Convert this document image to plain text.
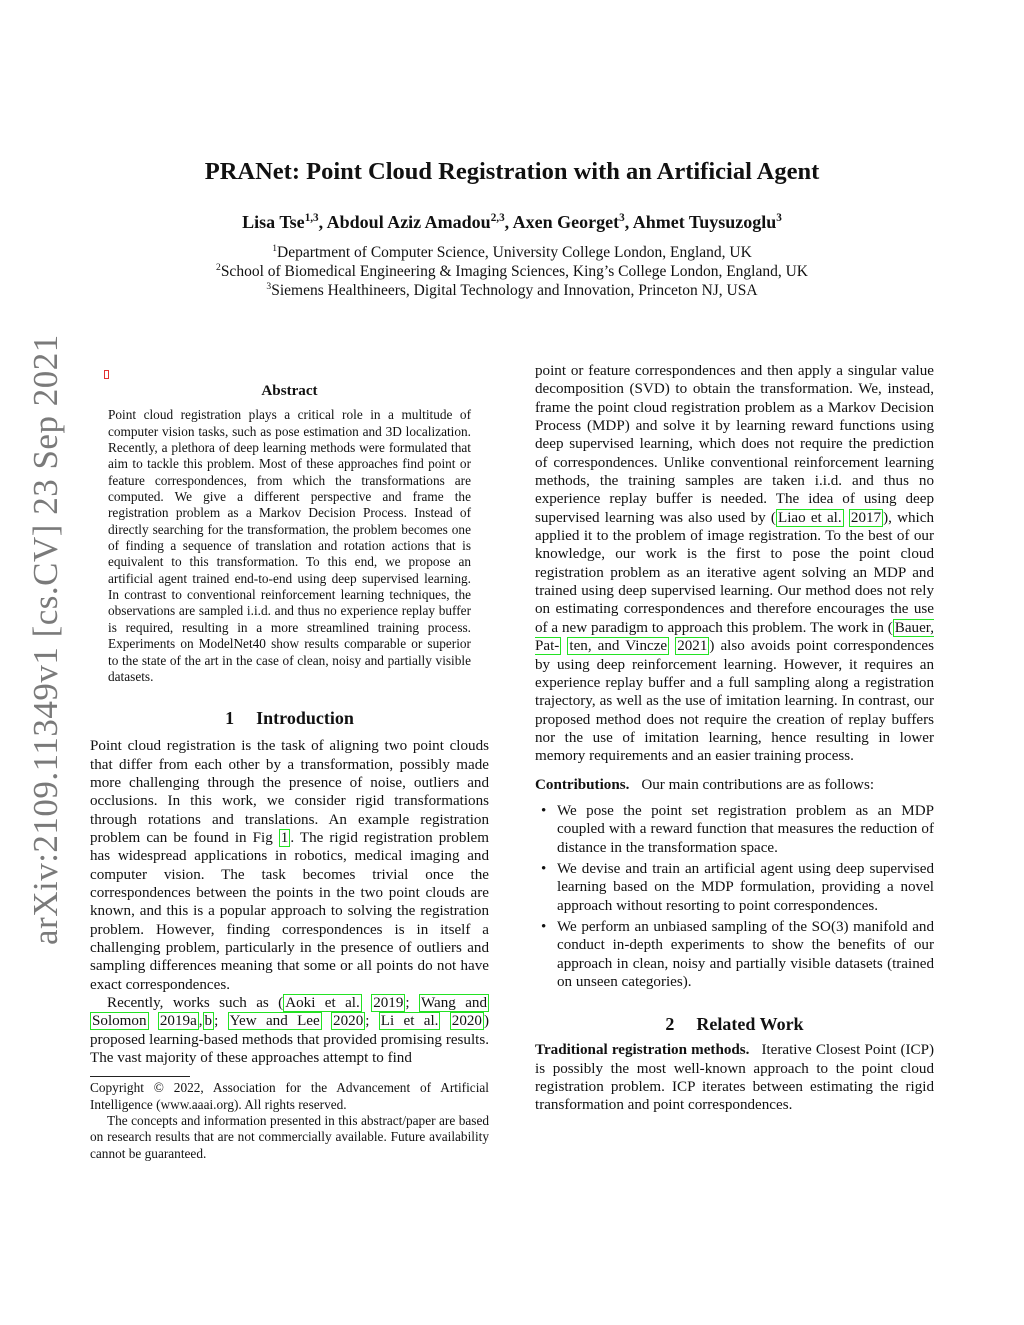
arXiv:2109.11349v1 [cs.CV] 23 Sep 2021
PRANet: Point Cloud Registration with an Artificial Agent
Lisa Tse$^{1,3}$, Abdoul Aziz Amadou$^{2,3}$, Axen Georget$^3$, Ahmet Tuysuzoglu$^3$
$^1$Department of Computer Science, University College London, England, UK
$^2$School of Biomedical Engineering & Imaging Sciences, King’s College London, England, UK
$^3$Siemens Healthineers, Digital Technology and Innovation, Princeton NJ, USA
Abstract

Point cloud registration plays a critical role in a multitude of computer vision tasks, such as pose estimation and 3D localization. Recently, a plethora of deep learning methods were formulated that aim to tackle this problem. Most of these approaches find point or feature correspondences, from which the transformations are computed. We give a different perspective and frame the registration problem as a Markov Decision Process. Instead of directly searching for the transformation, the problem becomes one of finding a sequence of translation and rotation actions that is equivalent to this transformation. To this end, we propose an artificial agent trained end-to-end using deep supervised learning. In contrast to conventional reinforcement learning techniques, the observations are sampled i.i.d. and thus no experience replay buffer is required, resulting in a more streamlined training process. Experiments on ModelNet40 show results comparable or superior to the state of the art in the case of clean, noisy and partially visible datasets.

1 Introduction

Point cloud registration is the task of aligning two point clouds that differ from each other by a transformation, possibly made more challenging through the presence of noise, outliers and occlusions. In this work, we consider rigid transformations through rotations and translations. An example registration problem can be found in Fig 1 . The rigid registration problem has widespread applications in robotics, medical imaging and computer vision. The task becomes trivial once the correspondences between the points in the two point clouds are known, and this is a popular approach to solving the registration problem. However, finding correspondences is in itself a challenging problem, particularly in the presence of outliers and sampling differences meaning that some or all points do not have exact correspondences.

Recently, works such as ( Aoki et al. 2019 ; Wang and Solomon 2019a , b ; Yew and Lee 2020 ; Li et al. 2020 ) proposed learning-based methods that provided promising results. The vast majority of these approaches attempt to find

Copyright © 2022, Association for the Advancement of Artificial Intelligence (www.aaai.org). All rights reserved.

The concepts and information presented in this abstract/paper are based on research results that are not commercially available. Future availability cannot be guaranteed.

point or feature correspondences and then apply a singular value decomposition (SVD) to obtain the transformation. We, instead, frame the point cloud registration problem as a Markov Decision Process (MDP) and solve it by learning reward functions using deep supervised learning, which does not require the prediction of correspondences. Unlike conventional reinforcement learning methods, the training samples are taken i.i.d. and thus no experience replay buffer is needed. The idea of using deep supervised learning was also used by ( Liao et al. 2017 ), which applied it to the problem of image registration. To the best of our knowledge, our work is the first to pose the point cloud registration problem as an iterative agent solving an MDP and trained using deep supervised learning. Our method does not rely on estimating correspondences and therefore encourages the use of a new paradigm to approach this problem. The work in ( Bauer, Pat- ten, and Vincze 2021 ) also avoids point correspondences by using deep reinforcement learning. However, it requires an experience replay buffer and a full sampling along a registration trajectory, as well as the use of imitation learning. In contrast, our proposed method does not require the creation of replay buffers nor the use of imitation learning, hence resulting in lower memory requirements and an easier training process.

Contributions. Our main contributions are as follows:

• We pose the point set registration problem as an MDP coupled with a reward function that measures the reduction of distance in the transformation space.
• We devise and train an artificial agent using deep supervised learning based on the MDP formulation, providing a novel approach without resorting to point correspondences.
• We perform an unbiased sampling of the SO(3) manifold and conduct in-depth experiments to show the benefits of our approach in clean, noisy and partially visible datasets (trained on unseen categories).
2 Related Work

Traditional registration methods. Iterative Closest Point (ICP) is possibly the most well-known approach to the point cloud registration problem. ICP iterates between estimating the rigid transformation and point correspondences.
